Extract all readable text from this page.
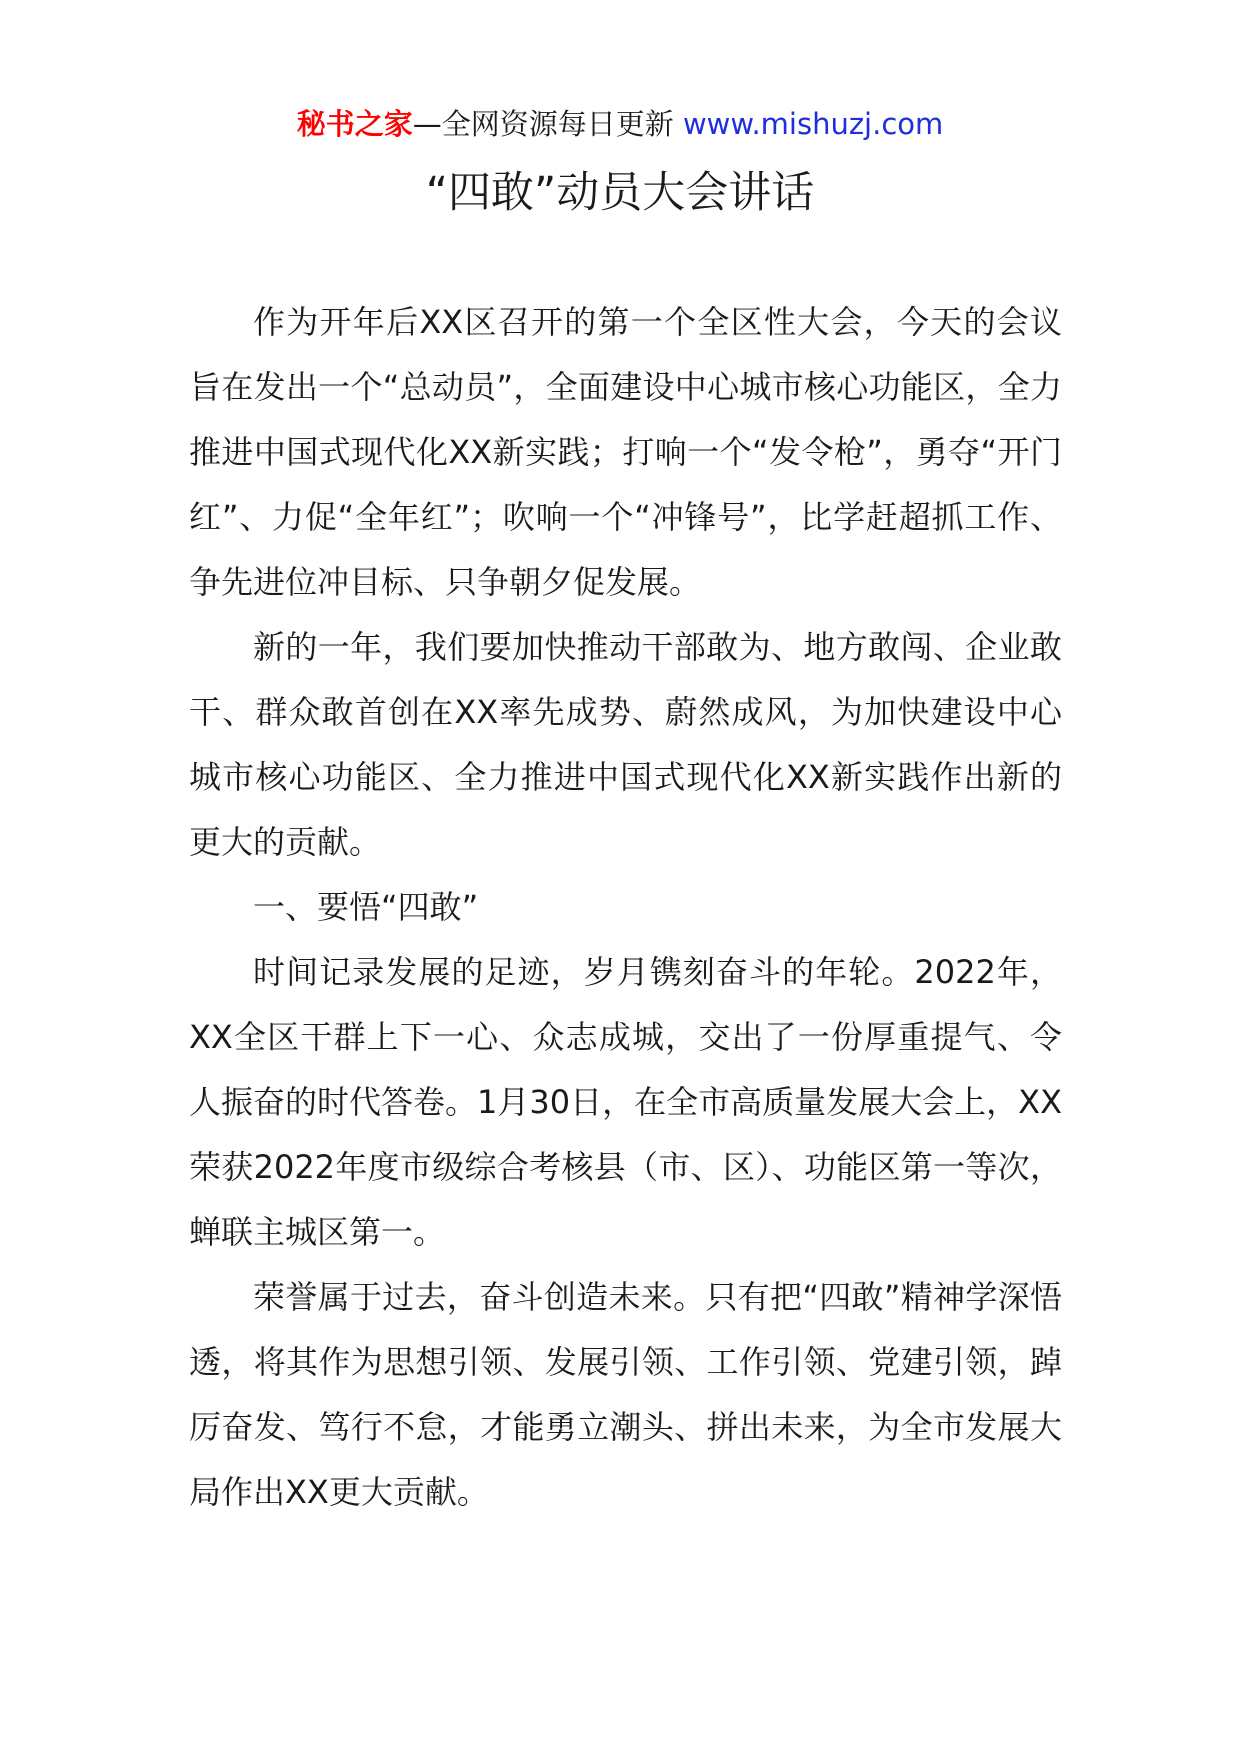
秘书之家—全网资源每日更新 www.mishuzj.com
“四敢”动员大会讲话

作为开年后XX区召开的第一个全区性大会，今天的会议旨在发出一个“总动员”，全面建设中心城市核心功能区，全力推进中国式现代化XX新实践；打响一个“发令枪”，勇夺“开门红”、力促“全年红”；吹响一个“冲锋号”，比学赶超抓工作、争先进位冲目标、只争朝夕促发展。

新的一年，我们要加快推动干部敢为、地方敢闯、企业敢干、群众敢首创在XX率先成势、蔚然成风，为加快建设中心城市核心功能区、全力推进中国式现代化XX新实践作出新的更大的贡献。

一、要悟“四敢”

时间记录发展的足迹，岁月镌刻奋斗的年轮。2022年，XX全区干群上下一心、众志成城，交出了一份厚重提气、令人振奋的时代答卷。1月30日，在全市高质量发展大会上，XX荣获2022年度市级综合考核县（市、区）、功能区第一等次，蝉联主城区第一。

荣誉属于过去，奋斗创造未来。只有把“四敢”精神学深悟透，将其作为思想引领、发展引领、工作引领、党建引领，踔厉奋发、笃行不怠，才能勇立潮头、拼出未来，为全市发展大局作出XX更大贡献。
